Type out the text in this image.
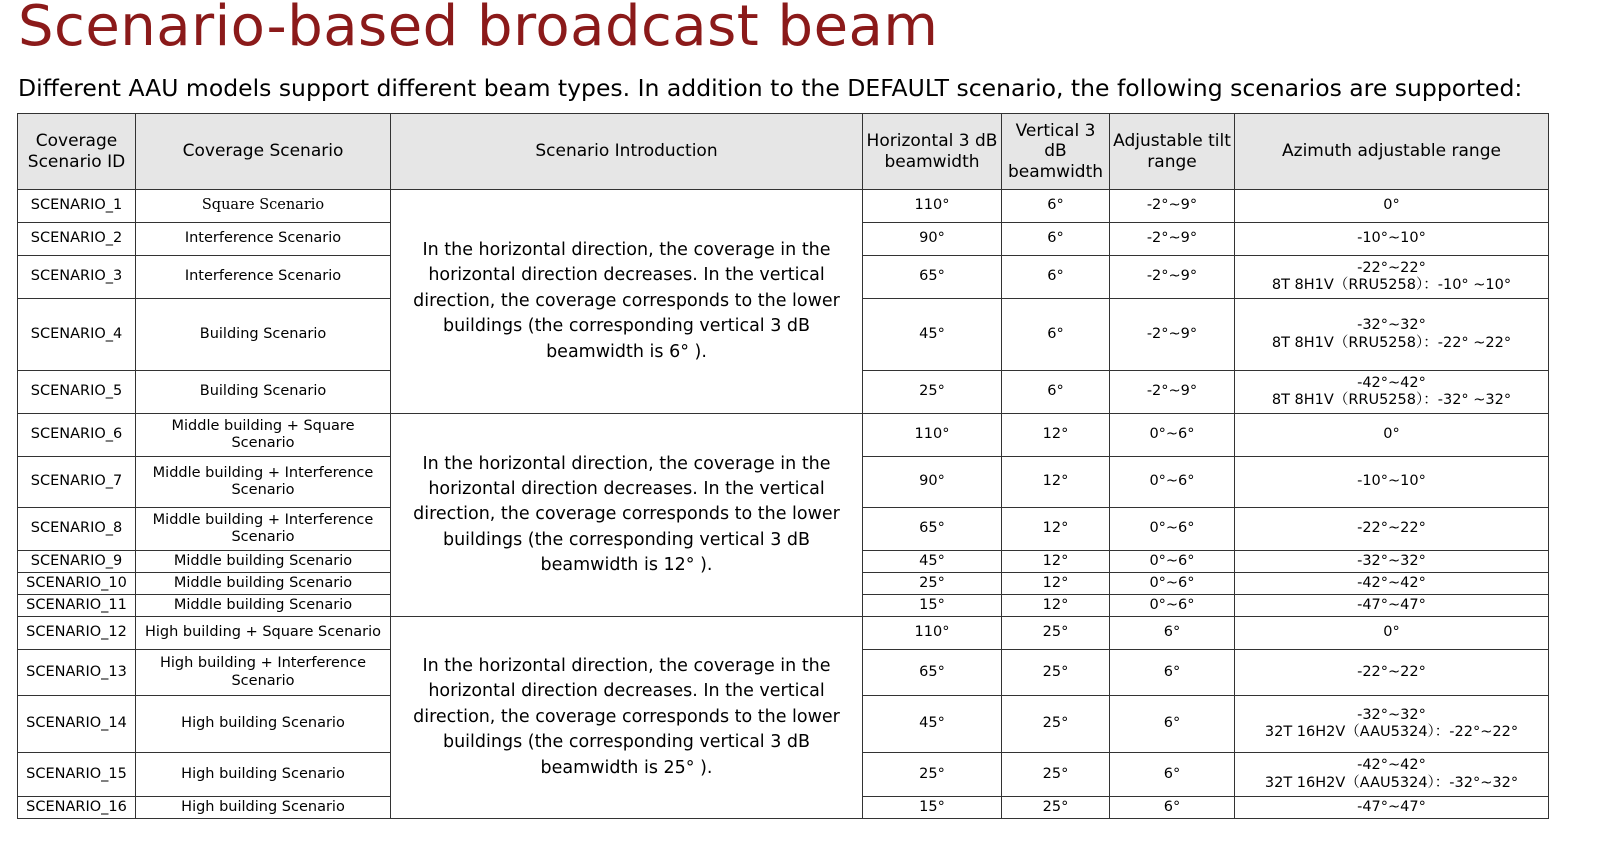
Scenario-based broadcast beam
Different AAU models support different beam types. In addition to the DEFAULT scenario, the following scenarios are supported:
Coverage Scenario ID	Coverage Scenario	Scenario Introduction	Horizontal 3 dB beamwidth	Vertical 3 dB beamwidth	Adjustable tilt range	Azimuth adjustable range
SCENARIO_1	Square Scenario	In the horizontal direction, the coverage in the horizontal direction decreases. In the vertical direction, the coverage corresponds to the lower buildings (the corresponding vertical 3 dB beamwidth is 6° ).	110°	6°	-2°~9°	0°

SCENARIO_2	Interference Scenario		90°	6°	-2°~9°	-10°~10°

SCENARIO_3	Interference Scenario		65°	6°	-2°~9°	-22°~22°
8T 8H1V（RRU5258）：-10° ~10°

SCENARIO_4	Building Scenario		45°	6°	-2°~9°	-32°~32°
8T 8H1V（RRU5258）：-22° ~22°

SCENARIO_5	Building Scenario		25°	6°	-2°~9°	-42°~42°
8T 8H1V（RRU5258）：-32° ~32°

SCENARIO_6	Middle building + Square Scenario	In the horizontal direction, the coverage in the horizontal direction decreases. In the vertical direction, the coverage corresponds to the lower buildings (the corresponding vertical 3 dB beamwidth is 12° ).	110°	12°	0°~6°	0°

SCENARIO_7	Middle building + Interference Scenario		90°	12°	0°~6°	-10°~10°

SCENARIO_8	Middle building + Interference Scenario		65°	12°	0°~6°	-22°~22°

SCENARIO_9	Middle building Scenario		45°	12°	0°~6°	-32°~32°

SCENARIO_10	Middle building Scenario		25°	12°	0°~6°	-42°~42°

SCENARIO_11	Middle building Scenario		15°	12°	0°~6°	-47°~47°

SCENARIO_12	High building + Square Scenario	In the horizontal direction, the coverage in the horizontal direction decreases. In the vertical direction, the coverage corresponds to the lower buildings (the corresponding vertical 3 dB beamwidth is 25° ).	110°	25°	6°	0°

SCENARIO_13	High building + Interference Scenario		65°	25°	6°	-22°~22°

SCENARIO_14	High building Scenario		45°	25°	6°	-32°~32°
32T 16H2V（AAU5324）：-22°~22°

SCENARIO_15	High building Scenario		25°	25°	6°	-42°~42°
32T 16H2V（AAU5324）：-32°~32°

SCENARIO_16	High building Scenario		15°	25°	6°	-47°~47°
